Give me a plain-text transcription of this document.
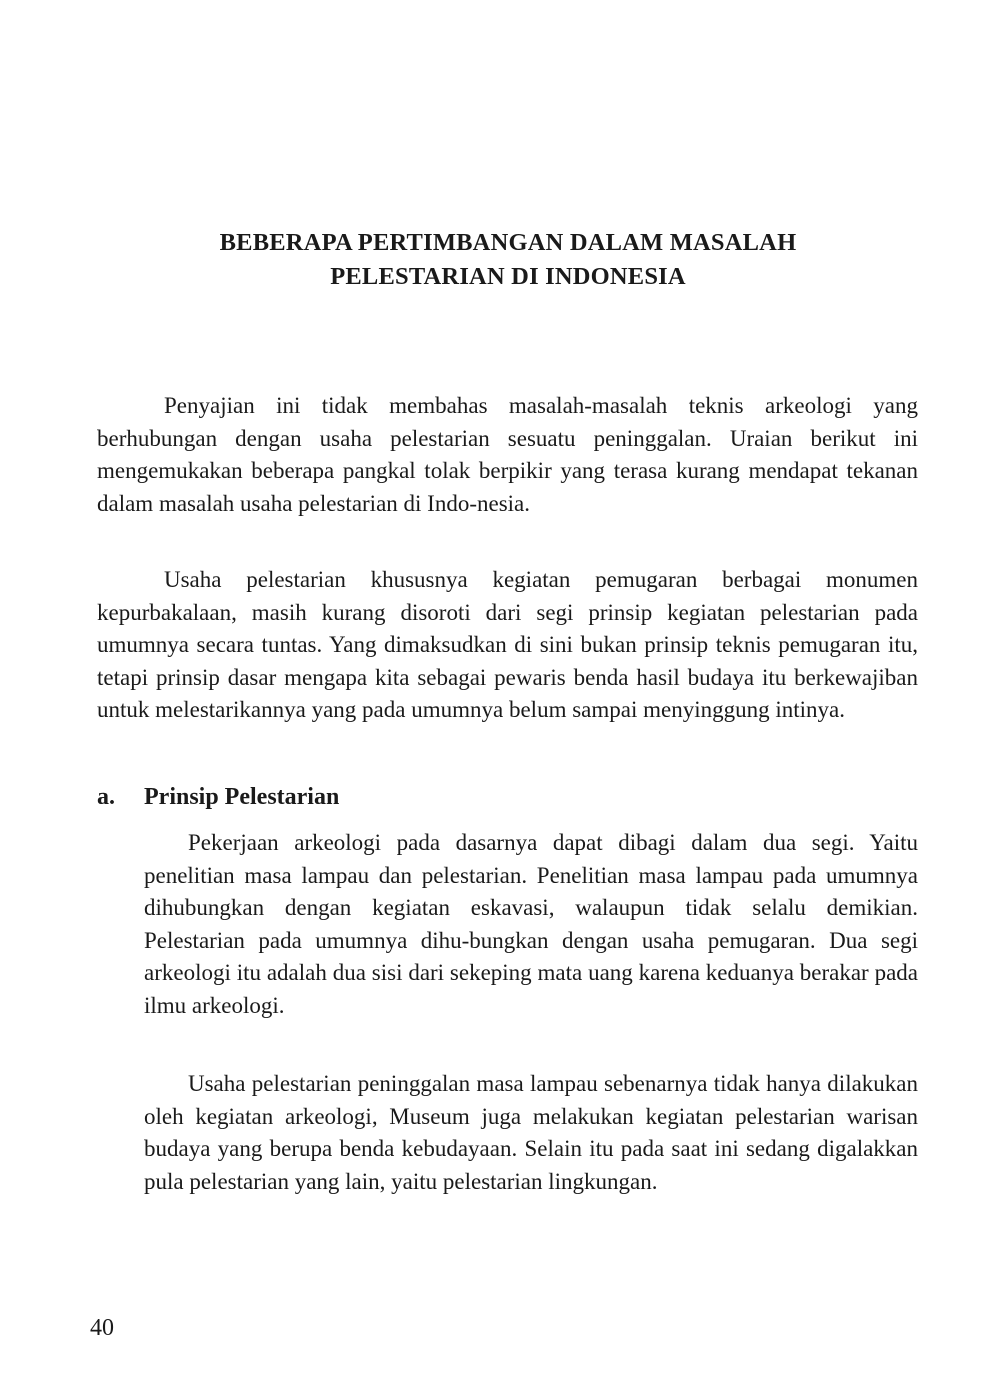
BEBERAPA PERTIMBANGAN DALAM MASALAH
PELESTARIAN DI INDONESIA

Penyajian ini tidak membahas masalah-masalah teknis arkeologi yang berhubungan dengan usaha pelestarian sesuatu peninggalan. Uraian berikut ini mengemukakan beberapa pangkal tolak berpikir yang terasa kurang mendapat tekanan dalam masalah usaha pelestarian di Indo-nesia.

Usaha pelestarian khususnya kegiatan pemugaran berbagai monumen kepurbakalaan, masih kurang disoroti dari segi prinsip kegiatan pelestarian pada umumnya secara tuntas. Yang dimaksudkan di sini bukan prinsip teknis pemugaran itu, tetapi prinsip dasar mengapa kita sebagai pewaris benda hasil budaya itu berkewajiban untuk melestarikannya yang pada umumnya belum sampai menyinggung intinya.

a. Prinsip Pelestarian

Pekerjaan arkeologi pada dasarnya dapat dibagi dalam dua segi. Yaitu penelitian masa lampau dan pelestarian. Penelitian masa lampau pada umumnya dihubungkan dengan kegiatan eskavasi, walaupun tidak selalu demikian. Pelestarian pada umumnya dihu-bungkan dengan usaha pemugaran. Dua segi arkeologi itu adalah dua sisi dari sekeping mata uang karena keduanya berakar pada ilmu arkeologi.

Usaha pelestarian peninggalan masa lampau sebenarnya tidak hanya dilakukan oleh kegiatan arkeologi, Museum juga melakukan kegiatan pelestarian warisan budaya yang berupa benda kebudayaan. Selain itu pada saat ini sedang digalakkan pula pelestarian yang lain, yaitu pelestarian lingkungan.

40
